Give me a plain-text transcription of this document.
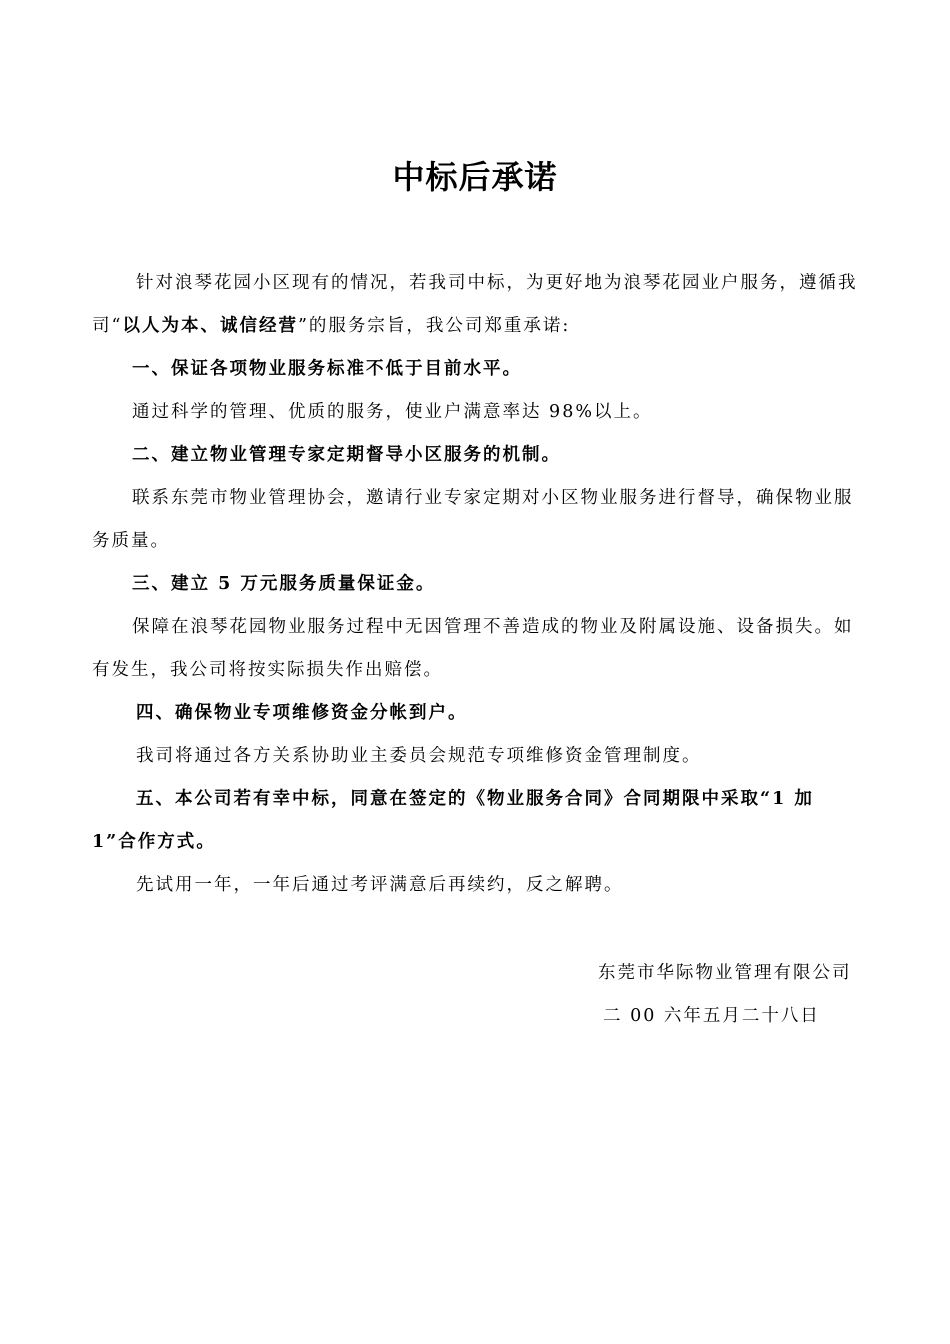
中标后承诺

针对浪琴花园小区现有的情况，若我司中标，为更好地为浪琴花园业户服务，遵循我司“以人为本、诚信经营”的服务宗旨，我公司郑重承诺:

一、保证各项物业服务标准不低于目前水平。

通过科学的管理、优质的服务，使业户满意率达 98%以上。

二、建立物业管理专家定期督导小区服务的机制。

联系东莞市物业管理协会，邀请行业专家定期对小区物业服务进行督导，确保物业服务质量。

三、建立 5 万元服务质量保证金。

保障在浪琴花园物业服务过程中无因管理不善造成的物业及附属设施、设备损失。如有发生，我公司将按实际损失作出赔偿。

四、确保物业专项维修资金分帐到户。

我司将通过各方关系协助业主委员会规范专项维修资金管理制度。

五、本公司若有幸中标，同意在签定的《物业服务合同》合同期限中采取“1 加 1”合作方式。

先试用一年，一年后通过考评满意后再续约，反之解聘。

东莞市华际物业管理有限公司
二 00 六年五月二十八日
